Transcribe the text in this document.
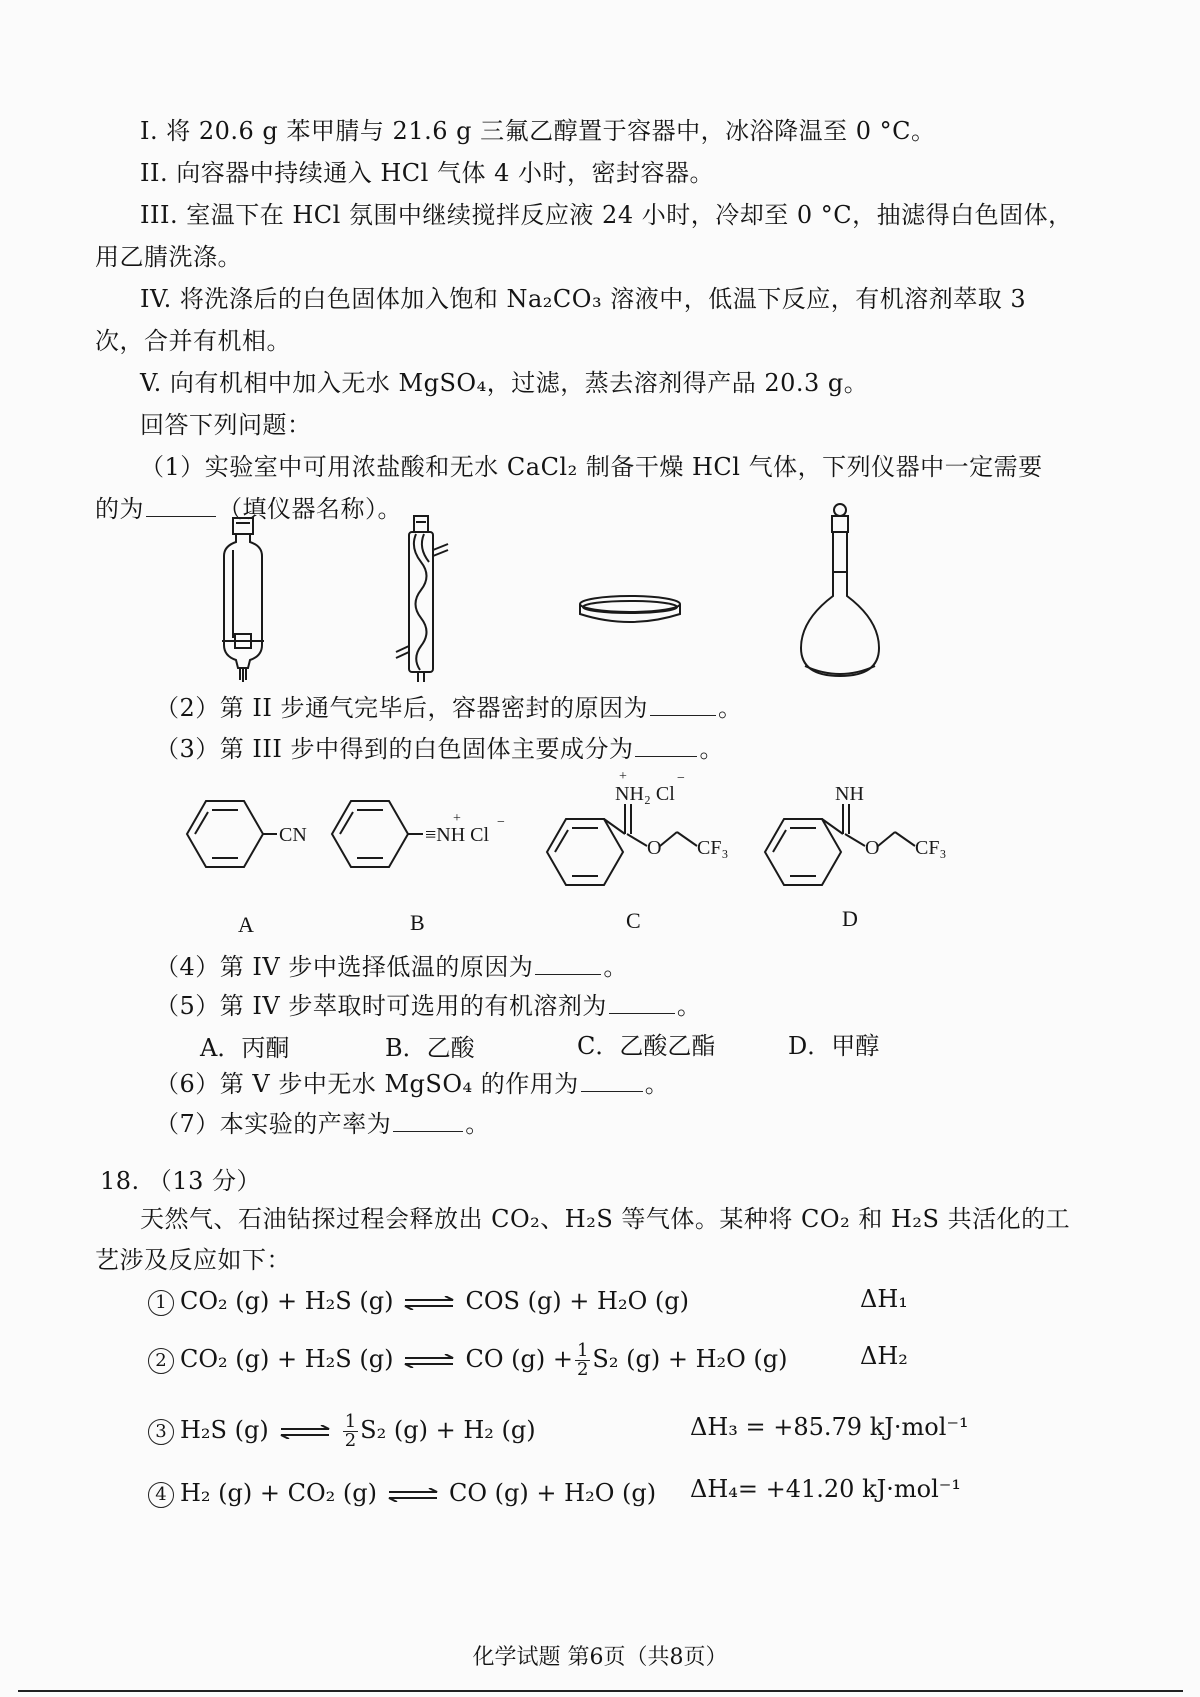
I. 将 20.6 g 苯甲腈与 21.6 g 三氟乙醇置于容器中，冰浴降温至 0 °C。
II. 向容器中持续通入 HCl 气体 4 小时，密封容器。
III. 室温下在 HCl 氛围中继续搅拌反应液 24 小时，冷却至 0 °C，抽滤得白色固体，
用乙腈洗涤。
IV. 将洗涤后的白色固体加入饱和 Na₂CO₃ 溶液中，低温下反应，有机溶剂萃取 3
次，合并有机相。
V. 向有机相中加入无水 MgSO₄，过滤，蒸去溶剂得产品 20.3 g。
回答下列问题：
（1）实验室中可用浓盐酸和无水 CaCl₂ 制备干燥 HCl 气体，下列仪器中一定需要
的为	（填仪器名称）。
（2）第 II 步通气完毕后，容器密封的原因为	。
（3）第 III 步中得到的白色固体主要成分为	。
CN	≡NH Cl
+	−
NH₂ Cl
+	−
O CF₃
NH
O CF₃
A	B	C	D
（4）第 IV 步中选择低温的原因为	。
（5）第 IV 步萃取时可选用的有机溶剂为	。
A．丙酮	B．乙酸	C．乙酸乙酯	D．甲醇
（6）第 V 步中无水 MgSO₄ 的作用为	。
（7）本实验的产率为	。
18. （13 分）
天然气、石油钻探过程会释放出 CO₂、H₂S 等气体。某种将 CO₂ 和 H₂S 共活化的工
艺涉及反应如下：
1 CO₂ (g) + H₂S (g) ⇌ COS (g) + H₂O (g)	ΔH₁
2 CO₂ (g) + H₂S (g) ⇌ CO $(g) + \frac{1}{2} S_2$ (g) + H₂O (g)	ΔH₂
3 H₂S (g) ⇌ $\frac{1}{2} S_2$ (g) + H₂ (g)	ΔH₃ = +85.79 kJ·mol⁻¹
4 H₂ (g) + CO₂ (g) ⇌ CO (g) + H₂O (g) ΔH₄= +41.20 kJ·mol⁻¹
化学试题 第6页（共8页）
